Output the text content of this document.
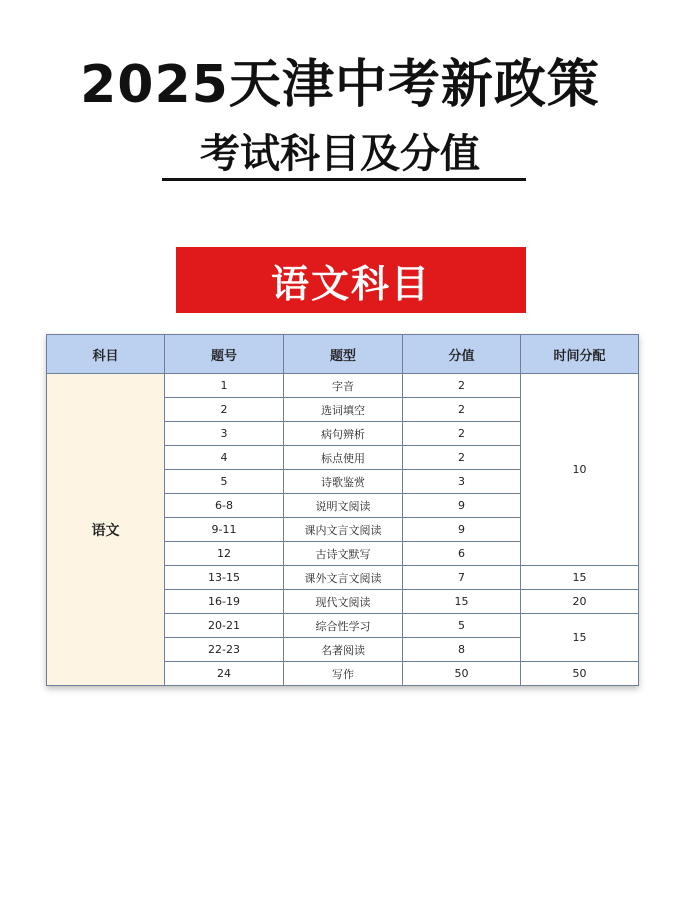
2025天津中考新政策
考试科目及分值
语文科目
科目	题号	题型	分值	时间分配
语文	1	字音	2	10
	2	选词填空	2	
	3	病句辨析	2	
	4	标点使用	2	
	5	诗歌鉴赏	3	
	6-8	说明文阅读	9	
	9-11	课内文言文阅读	9	
	12	古诗文默写	6	
	13-15	课外文言文阅读	7	15
	16-19	现代文阅读	15	20
	20-21	综合性学习	5	15
	22-23	名著阅读	8	
	24	写作	50	50
